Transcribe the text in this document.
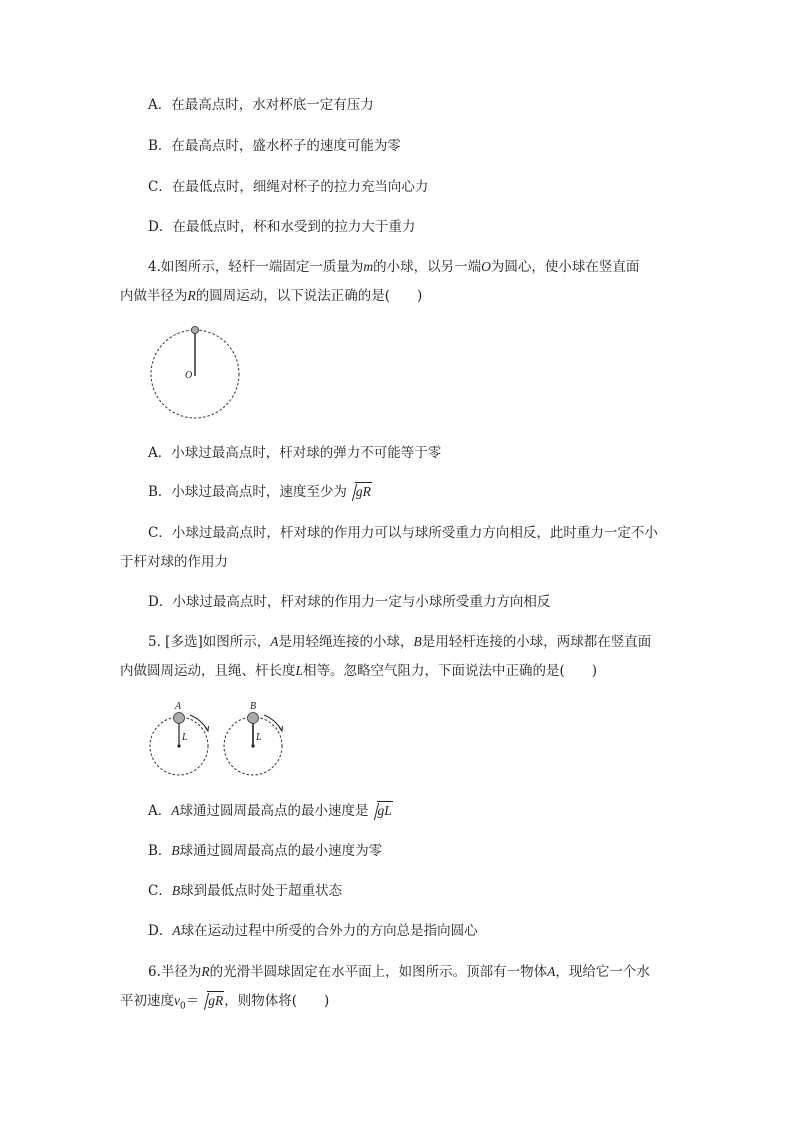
A．在最高点时，水对杯底一定有压力
B．在最高点时，盛水杯子的速度可能为零
C．在最低点时，细绳对杯子的拉力充当向心力
D．在最低点时，杯和水受到的拉力大于重力
4.如图所示，轻杆一端固定一质量为m的小球，以另一端O为圆心，使小球在竖直面
内做半径为R的圆周运动，以下说法正确的是(　　)
O
A．小球过最高点时，杆对球的弹力不可能等于零
B．小球过最高点时，速度至少为 gR
C．小球过最高点时，杆对球的作用力可以与球所受重力方向相反，此时重力一定不小
于杆对球的作用力
D．小球过最高点时，杆对球的作用力一定与小球所受重力方向相反
5. [多选]如图所示，A是用轻绳连接的小球，B是用轻杆连接的小球，两球都在竖直面
内做圆周运动，且绳、杆长度L相等。忽略空气阻力，下面说法中正确的是(　　)
A
L
B
L
A．A球通过圆周最高点的最小速度是 gL
B．B球通过圆周最高点的最小速度为零
C．B球到最低点时处于超重状态
D．A球在运动过程中所受的合外力的方向总是指向圆心
6.半径为R的光滑半圆球固定在水平面上，如图所示。顶部有一物体A，现给它一个水
平初速度$v_0=$ gR，则物体将(　　)
